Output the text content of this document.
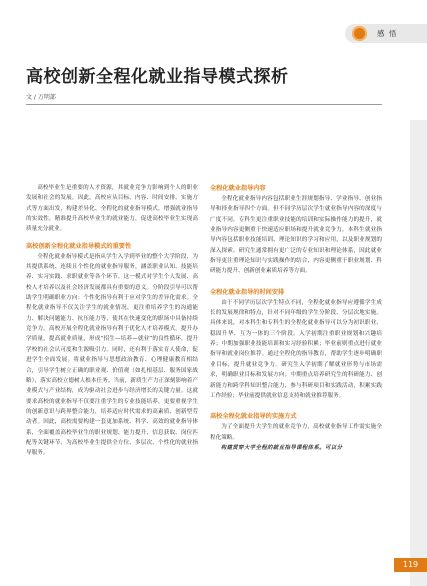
感 悟
高校创新全程化就业指导模式探析
文 / 万明部

高校毕业生是重要的人才资源，其就业竞争力影响到个人的职业发展和社会的发展。因此，高校应从目标、内容、时间安排、实施方式等方面出发，构建差异化、全程化的就业指导模式，增强就业指导的实效性，精准提升高校毕业生的就业能力，促进高校毕业生实现高质量充分就业。

高校创新全程化就业指导模式的重要性

全程化就业指导模式是指从学生入学到毕业的整个大学阶段，为其提供系统、连续且个性化的就业指导服务，涵盖职业认知、技能培养、实习实践、求职就业等各个环节。这一模式对学生个人发展、高校人才培养以及社会经济发展都具有重要的意义。分阶段引导可以帮助学生明确职业方向：个性化指导有利于应对学生的差异化需求。全程化就业指导不仅关注学生的就业情况，更注重培养学生的沟通能力、解决问题能力、抗压能力等，使其在快速变化的职场中具备持续竞争力。高校开展全程化就业指导有利于优化人才培养模式，提升办学质量，提高就业质量，形成“招生—培养—就业”的良性循环，提升学校的社会认可度和生源吸引力。同时，还有利于落实育人使命，促进学生全面发展。将就业指导与思想政治教育、心理健康教育相结合，引导学生树立正确的职业观、价值观（如扎根基层、服务国家战略），落实高校立德树人根本任务。当前，新质生产力正深刻影响着产业模式与产业结构，成为驱动社会进步与经济增长的关键力量。这就要求高校的就业指导不仅要注重学生的专业技能培养，更要重视学生的创新意识与跨界整合能力，培养适应时代需求的高素质、创新型劳动者。因此，高校需要构建一套更加系统、科学、高效的就业指导体系，全面覆盖高校毕业生的职业规划、能力提升、信息获取、岗位匹配等关键环节，为高校毕业生提供全方位、多层次、个性化的就业指导服务。

全程化就业指导内容

全程化就业指导内容包括职业生涯规划指导、学业指导、创业指导和择业指导四个方面。但不同学历层次学生就业指导内容的深度与广度不同，专科生更注重职业技能的培训和实际操作能力的提升，就业指导内容更侧重于快速适应职场和提升就业竞争力。本科生就业指导内容包括职业技能培训、理论知识的学习和应用，以及职业规划的深入探索。研究生通常拥有更广泛的专业知识和理论体系，因此就业指导更注重理论知识与实践操作的结合，内容更侧重于职业规划、科研能力提升、创新创业素质培养等方面。

全程化就业指导的时间安排

由于不同学历层次学生特点不同，全程化就业指导应遵循学生成长的发展规律和特点，针对不同年级的学生分阶段、分层次地实施。具体来说，对本科生和专科生的全程化就业指导可以分为初识职业、稳固升华、互为一体的三个阶段。入学初期注重职业规划和兴趣培养；中期加强职业技能培训和实习经验积累；毕业前则重点进行就业指导和就业岗位推荐。通过全程化的指导教育，帮助学生逐步明确职业目标，提升就业竞争力。研究生入学初期了解就业形势与市场需求，明确职业目标和发展方向；中期重点培养研究生的科研能力、创新能力和跨学科知识整合能力，参与科研项目和实践活动，积累实践工作经验；毕业前提供就业信息支持和就业推荐服务。

高校全程化就业指导的实施方式

为了全面提升大学生的就业竞争力，高校就业指导工作需实施全程化策略。

构建贯穿大学全程的就业指导课程体系。可以分

119
